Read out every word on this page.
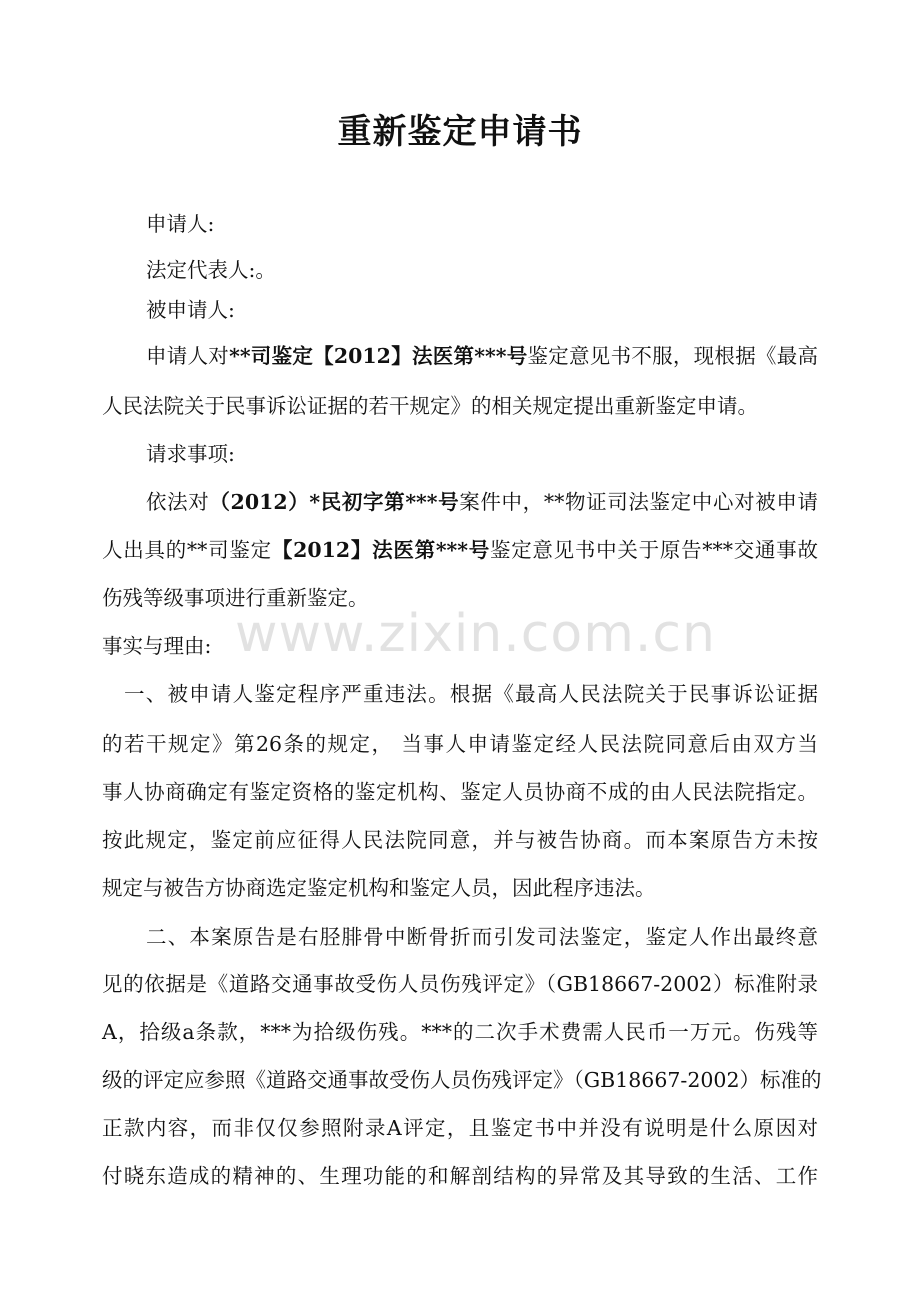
重新鉴定申请书
申请人:
法定代表人:。
被申请人:
申请人对**司鉴定【2012】法医第***号鉴定意见书不服，现根据《最高
人民法院关于民事诉讼证据的若干规定》的相关规定提出重新鉴定申请。
请求事项:
依法对（2012）*民初字第***号案件中，**物证司法鉴定中心对被申请
人出具的**司鉴定【2012】法医第***号鉴定意见书中关于原告***交通事故
伤残等级事项进行重新鉴定。
事实与理由:
一、被申请人鉴定程序严重违法。根据《最高人民法院关于民事诉讼证据
的若干规定》第26条的规定， 当事人申请鉴定经人民法院同意后由双方当
事人协商确定有鉴定资格的鉴定机构、鉴定人员协商不成的由人民法院指定。
按此规定，鉴定前应征得人民法院同意，并与被告协商。而本案原告方未按
规定与被告方协商选定鉴定机构和鉴定人员，因此程序违法。
二、本案原告是右胫腓骨中断骨折而引发司法鉴定，鉴定人作出最终意
见的依据是《道路交通事故受伤人员伤残评定》（GB18667-2002）标准附录
A，拾级a条款，***为拾级伤残。***的二次手术费需人民币一万元。伤残等
级的评定应参照《道路交通事故受伤人员伤残评定》（GB18667-2002）标准的
正款内容，而非仅仅参照附录A评定，且鉴定书中并没有说明是什么原因对
付晓东造成的精神的、生理功能的和解剖结构的异常及其导致的生活、工作
www.zixin.com.cn
